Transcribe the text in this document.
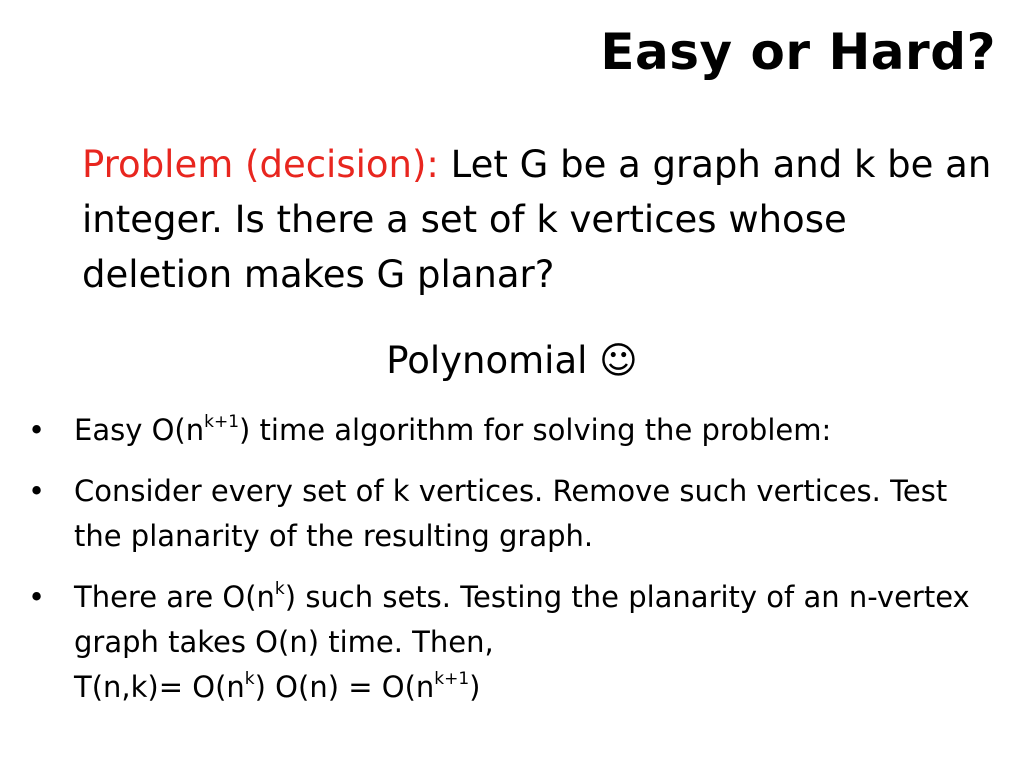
Easy or Hard?
Problem (decision): Let G be a graph and k be an integer. Is there a set of k vertices whose deletion makes G planar?
Polynomial ☺
• Easy $O(n^{k+1})$ time algorithm for solving the problem:
• Consider every set of k vertices. Remove such vertices. Test the planarity of the resulting graph.
• There are $O(n^k)$ such sets. Testing the planarity of an n-vertex graph takes O(n) time. Then,
$T(n,k)= O(n^k) O(n) = O(n^{k+1})$
